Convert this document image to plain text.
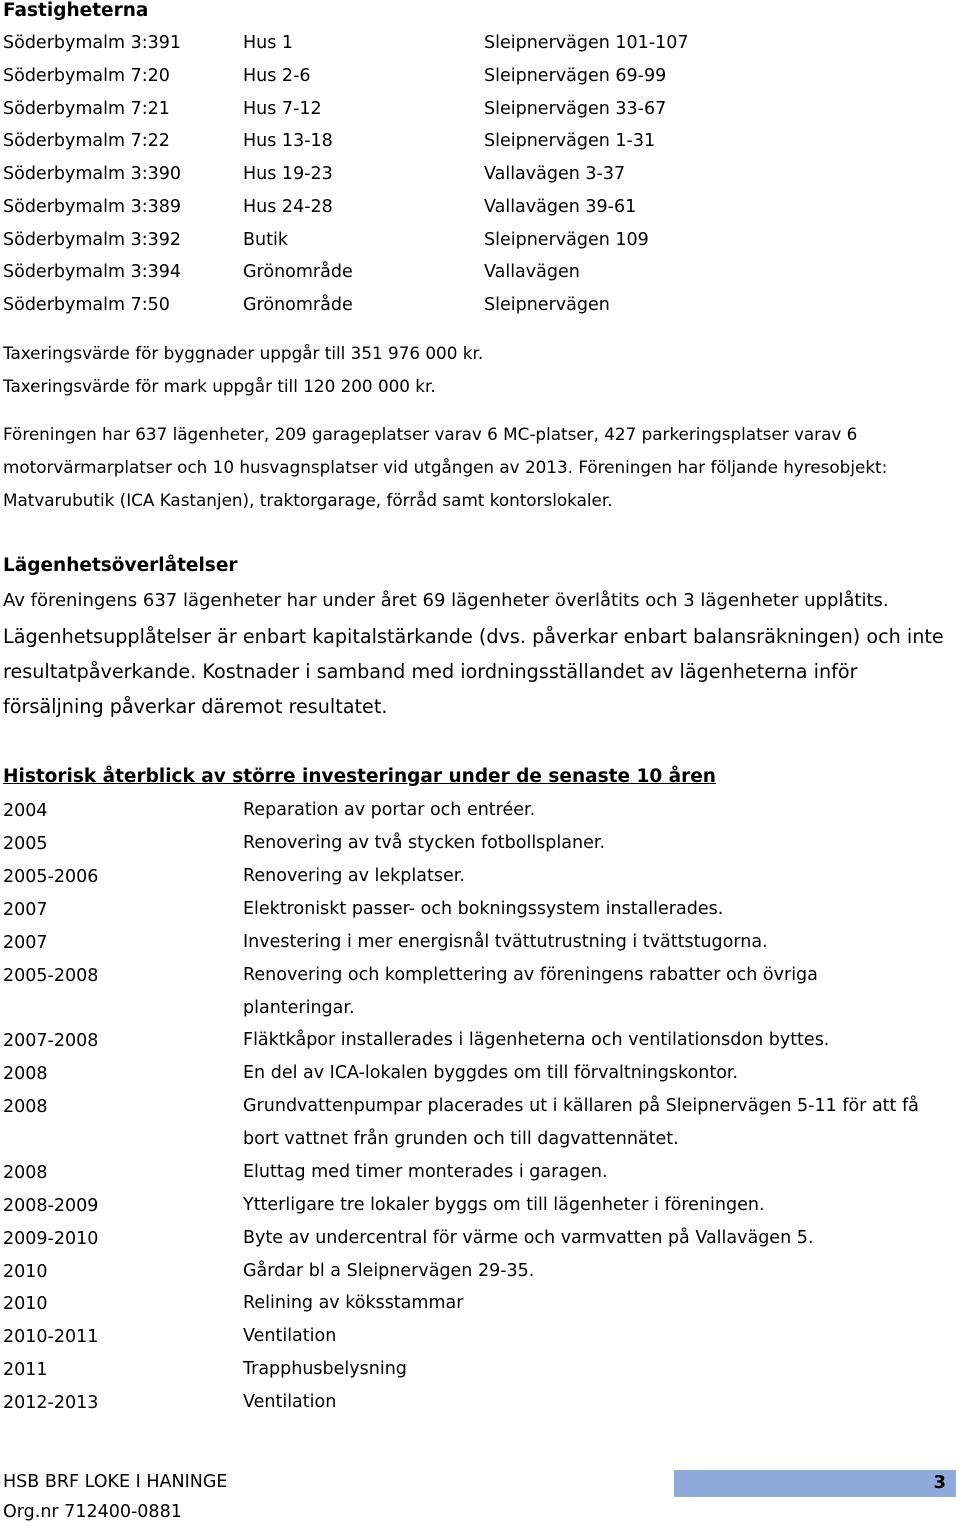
Fastigheterna
Söderbymalm 3:391	Hus 1	Sleipnervägen 101-107
Söderbymalm 7:20	Hus 2-6	Sleipnervägen 69-99
Söderbymalm 7:21	Hus 7-12	Sleipnervägen 33-67
Söderbymalm 7:22	Hus 13-18	Sleipnervägen 1-31
Söderbymalm 3:390	Hus 19-23	Vallavägen 3-37
Söderbymalm 3:389	Hus 24-28	Vallavägen 39-61
Söderbymalm 3:392	Butik	Sleipnervägen 109
Söderbymalm 3:394	Grönområde	Vallavägen
Söderbymalm 7:50	Grönområde	Sleipnervägen
Taxeringsvärde för byggnader uppgår till 351 976 000 kr.
Taxeringsvärde för mark uppgår till 120 200 000 kr.
Föreningen har 637 lägenheter, 209 garageplatser varav 6 MC-platser, 427 parkeringsplatser varav 6 motorvärmarplatser och 10 husvagnsplatser vid utgången av 2013. Föreningen har följande hyresobjekt: Matvarubutik (ICA Kastanjen), traktorgarage, förråd samt kontorslokaler.
Lägenhetsöverlåtelser
Av föreningens 637 lägenheter har under året 69 lägenheter överlåtits och 3 lägenheter upplåtits.
Lägenhetsupplåtelser är enbart kapitalstärkande (dvs. påverkar enbart balansräkningen) och inte resultatpåverkande. Kostnader i samband med iordningsställandet av lägenheterna inför försäljning påverkar däremot resultatet.
Historisk återblick av större investeringar under de senaste 10 åren
2004	Reparation av portar och entréer.
2005	Renovering av två stycken fotbollsplaner.
2005-2006	Renovering av lekplatser.
2007	Elektroniskt passer- och bokningssystem installerades.
2007	Investering i mer energisnål tvättutrustning i tvättstugorna.
2005-2008	Renovering och komplettering av föreningens rabatter och övriga planteringar.
2007-2008	Fläktkåpor installerades i lägenheterna och ventilationsdon byttes.
2008	En del av ICA-lokalen byggdes om till förvaltningskontor.
2008	Grundvattenpumpar placerades ut i källaren på Sleipnervägen 5-11 för att få bort vattnet från grunden och till dagvattennätet.
2008	Eluttag med timer monterades i garagen.
2008-2009	Ytterligare tre lokaler byggs om till lägenheter i föreningen.
2009-2010	Byte av undercentral för värme och varmvatten på Vallavägen 5.
2010	Gårdar bl a Sleipnervägen 29-35.
2010	Relining av köksstammar
2010-2011	Ventilation
2011	Trapphusbelysning
2012-2013	Ventilation
HSB BRF LOKE I HANINGE	3
Org.nr 712400-0881
